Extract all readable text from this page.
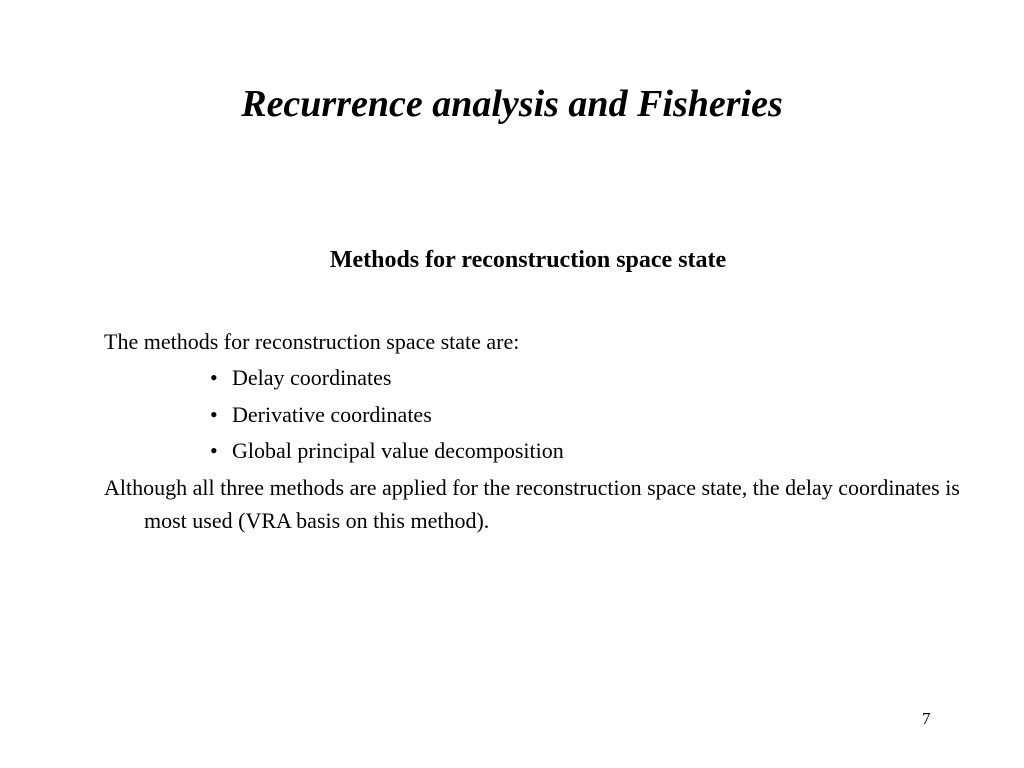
Recurrence analysis and Fisheries
Methods for reconstruction space state

The methods for reconstruction space state are:

• Delay coordinates
• Derivative coordinates
• Global principal value decomposition

Although all three methods are applied for the reconstruction space state, the delay coordinates is most used (VRA basis on this method).

7
